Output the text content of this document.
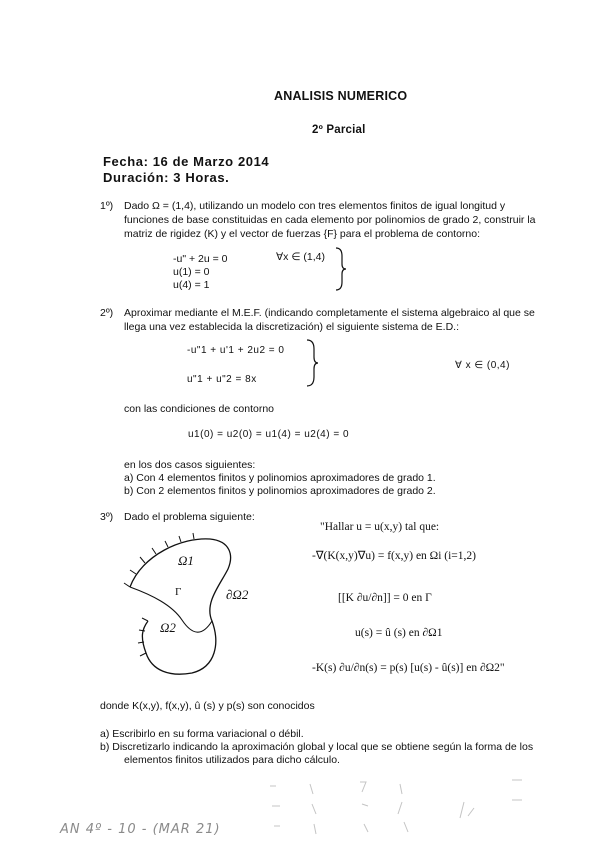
ANALISIS NUMERICO
2º Parcial
Fecha: 16 de Marzo 2014
Duración: 3 Horas.
1º) Dado Ω = (1,4), utilizando un modelo con tres elementos finitos de igual longitud y
funciones de base constituidas en cada elemento por polinomios de grado 2, construir la
matriz de rigidez (K) y el vector de fuerzas {F} para el problema de contorno:
-u" + 2u = 0	∀x ∈ (1,4)
u(1) = 0
u(4) = 1
2º) Aproximar mediante el M.E.F. (indicando completamente el sistema algebraico al que se
llega una vez establecida la discretización) el siguiente sistema de E.D.:
-u"1 + u'1 + 2u2 = 0
u"1 + u"2 = 8x
∀ x ∈ (0,4)
con las condiciones de contorno
u1(0) = u2(0) = u1(4) = u2(4) = 0
en los dos casos siguientes:
a) Con 4 elementos finitos y polinomios aproximadores de grado 1.
b) Con 2 elementos finitos y polinomios aproximadores de grado 2.
3º) Dado el problema siguiente:
Ω1
Ω2
∂Ω2
Γ
"Hallar u = u(x,y) tal que:
-∇(K(x,y)∇u) = f(x,y) en Ωi (i=1,2)
[[K ∂u/∂n]] = 0 en Γ
u(s) = û (s) en ∂Ω1
-K(s) ∂u/∂n(s) = p(s) [u(s) - û(s)] en ∂Ω2"
donde K(x,y), f(x,y), û (s) y p(s) son conocidos
a) Escribirlo en su forma variacional o débil.
b) Discretizarlo indicando la aproximación global y local que se obtiene según la forma de los
elementos finitos utilizados para dicho cálculo.
AN 4º - 10 - (MAR 21)
